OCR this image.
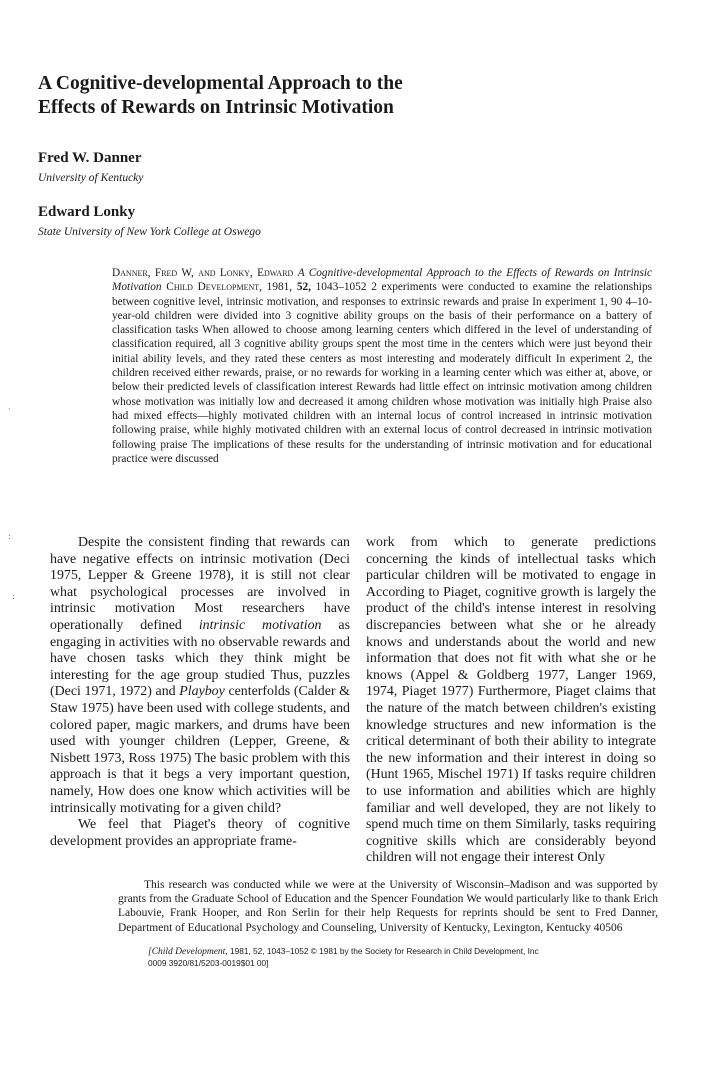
A Cognitive-developmental Approach to the
Effects of Rewards on Intrinsic Motivation
Fred W. Danner
University of Kentucky
Edward Lonky
State University of New York College at Oswego
Danner, Fred W, and Lonky, Edward A Cognitive-developmental Approach to the Effects of Rewards on Intrinsic Motivation Child Development, 1981, 52, 1043–1052 2 experiments were conducted to examine the relationships between cognitive level, intrinsic motivation, and responses to extrinsic rewards and praise In experiment 1, 90 4–10-year-old children were divided into 3 cognitive ability groups on the basis of their performance on a battery of classification tasks When allowed to choose among learning centers which differed in the level of understanding of classification required, all 3 cognitive ability groups spent the most time in the centers which were just beyond their initial ability levels, and they rated these centers as most interesting and moderately difficult In experiment 2, the children received either rewards, praise, or no rewards for working in a learning center which was either at, above, or below their predicted levels of classification interest Rewards had little effect on intrinsic motivation among children whose motivation was initially low and decreased it among children whose motivation was initially high Praise also had mixed effects—highly motivated children with an internal locus of control increased in intrinsic motivation following praise, while highly motivated children with an external locus of control decreased in intrinsic motivation following praise The implications of these results for the understanding of intrinsic motivation and for educational practice were discussed

Despite the consistent finding that rewards can have negative effects on intrinsic motivation (Deci 1975, Lepper & Greene 1978), it is still not clear what psychological processes are involved in intrinsic motivation Most researchers have operationally defined intrinsic motivation as engaging in activities with no observable rewards and have chosen tasks which they think might be interesting for the age group studied Thus, puzzles (Deci 1971, 1972) and Playboy centerfolds (Calder & Staw 1975) have been used with college students, and colored paper, magic markers, and drums have been used with younger children (Lepper, Greene, & Nisbett 1973, Ross 1975) The basic problem with this approach is that it begs a very important question, namely, How does one know which activities will be intrinsically motivating for a given child?

We feel that Piaget's theory of cognitive development provides an appropriate frame-

work from which to generate predictions concerning the kinds of intellectual tasks which particular children will be motivated to engage in According to Piaget, cognitive growth is largely the product of the child's intense interest in resolving discrepancies between what she or he already knows and understands about the world and new information that does not fit with what she or he knows (Appel & Goldberg 1977, Langer 1969, 1974, Piaget 1977) Furthermore, Piaget claims that the nature of the match between children's existing knowledge structures and new information is the critical determinant of both their ability to integrate the new information and their interest in doing so (Hunt 1965, Mischel 1971) If tasks require children to use information and abilities which are highly familiar and well developed, they are not likely to spend much time on them Similarly, tasks requiring cognitive skills which are considerably beyond children will not engage their interest Only

This research was conducted while we were at the University of Wisconsin–Madison and was supported by grants from the Graduate School of Education and the Spencer Foundation We would particularly like to thank Erich Labouvie, Frank Hooper, and Ron Serlin for their help Requests for reprints should be sent to Fred Danner, Department of Educational Psychology and Counseling, University of Kentucky, Lexington, Kentucky 40506
[Child Development, 1981, 52, 1043–1052 © 1981 by the Society for Research in Child Development, Inc
0009 3920/81/5203-0019$01 00]
·
:
:
